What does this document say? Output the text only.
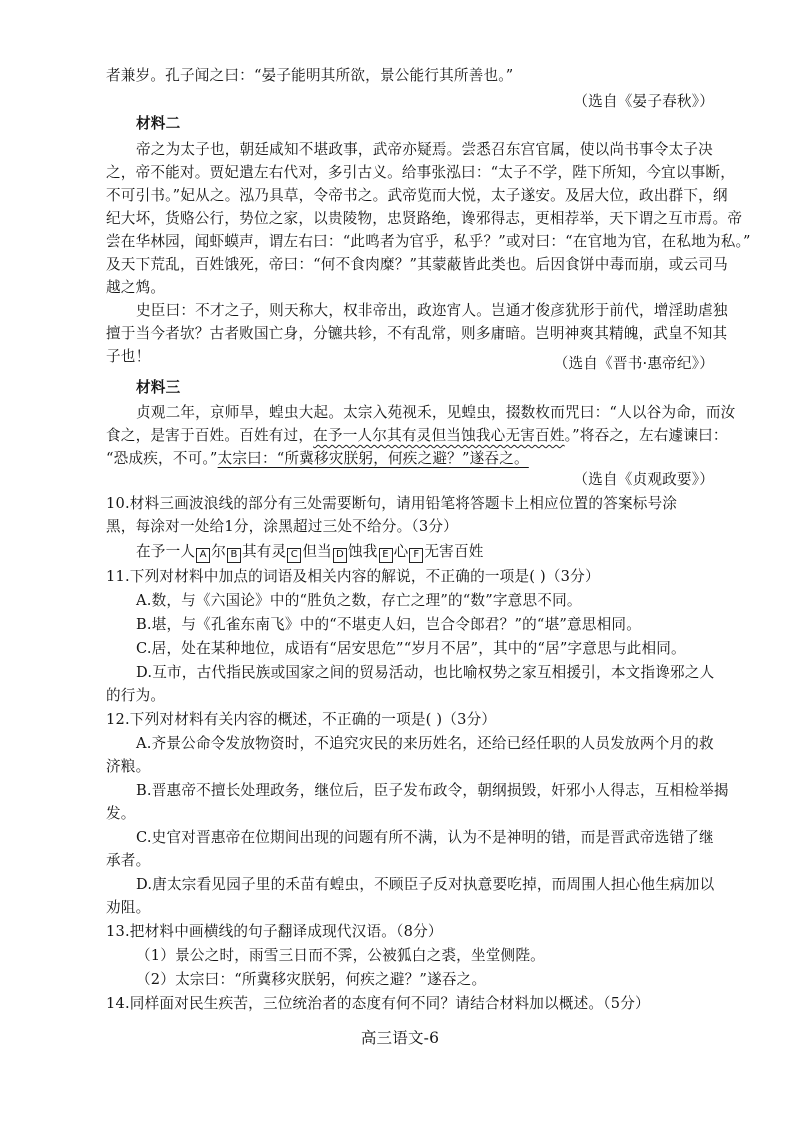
者兼岁。孔子闻之曰：“晏子能明其所欲，景公能行其所善也。”
（选自《晏子春秋》）
材料二
帝之为太子也，朝廷咸知不堪政事，武帝亦疑焉。尝悉召东宫官属，使以尚书事令太子决
之，帝不能对。贾妃遣左右代对，多引古义。给事张泓曰：“太子不学，陛下所知，今宜以事断，
不可引书。”妃从之。泓乃具草，令帝书之。武帝览而大悦，太子遂安。及居大位，政出群下，纲
纪大坏，货赂公行，势位之家，以贵陵物，忠贤路绝，谗邪得志，更相荐举，天下谓之互市焉。帝
尝在华林园，闻虾蟆声，谓左右曰：“此鸣者为官乎，私乎？”或对曰：“在官地为官，在私地为私。”
及天下荒乱，百姓饿死，帝曰：“何不食肉糜？”其蒙蔽皆此类也。后因食饼中毒而崩，或云司马
越之鸩。
史臣曰：不才之子，则天称大，权非帝出，政迩宵人。岂通才俊彦犹形于前代，增淫助虐独
擅于当今者欤？古者败国亡身，分镳共轸，不有乱常，则多庸暗。岂明神爽其精魄，武皇不知其
子也！	（选自《晋书·惠帝纪》）
材料三
贞观二年，京师旱，蝗虫大起。太宗入苑视禾，见蝗虫，掇数枚而咒曰：“人以谷为命，而汝
食之，是害于百姓。百姓有过，在予一人尔其有灵但当蚀我心无害百姓。”将吞之，左右遽谏曰：
“恐成疾，不可。”太宗曰：“所冀移灾朕躬，何疾之避？”遂吞之。
（选自《贞观政要》）
10.材料三画波浪线的部分有三处需要断句，请用铅笔将答题卡上相应位置的答案标号涂
黑，每涂对一处给1分，涂黑超过三处不给分。（3分）
在予一人 A 尔 B 其有灵 C 但当 D 蚀我 E 心 F 无害百姓
11.下列对材料中加点的词语及相关内容的解说，不正确的一项是( )（3分）
A.数，与《六国论》中的“胜负之数，存亡之理”的“数”字意思不同。
B.堪，与《孔雀东南飞》中的“不堪吏人妇，岂合令郎君？”的“堪”意思相同。
C.居，处在某种地位，成语有“居安思危”“岁月不居”，其中的“居”字意思与此相同。
D.互市，古代指民族或国家之间的贸易活动，也比喻权势之家互相援引，本文指谗邪之人
的行为。
12.下列对材料有关内容的概述，不正确的一项是( )（3分）
A.齐景公命令发放物资时，不追究灾民的来历姓名，还给已经任职的人员发放两个月的救
济粮。
B.晋惠帝不擅长处理政务，继位后，臣子发布政令，朝纲损毁，奸邪小人得志，互相检举揭
发。
C.史官对晋惠帝在位期间出现的问题有所不满，认为不是神明的错，而是晋武帝选错了继
承者。
D.唐太宗看见园子里的禾苗有蝗虫，不顾臣子反对执意要吃掉，而周围人担心他生病加以
劝阻。
13.把材料中画横线的句子翻译成现代汉语。（8分）
（1）景公之时，雨雪三日而不霁，公被狐白之裘，坐堂侧陛。
（2）太宗曰：“所冀移灾朕躬，何疾之避？”遂吞之。
14.同样面对民生疾苦，三位统治者的态度有何不同？请结合材料加以概述。（5分）
高三语文-6
